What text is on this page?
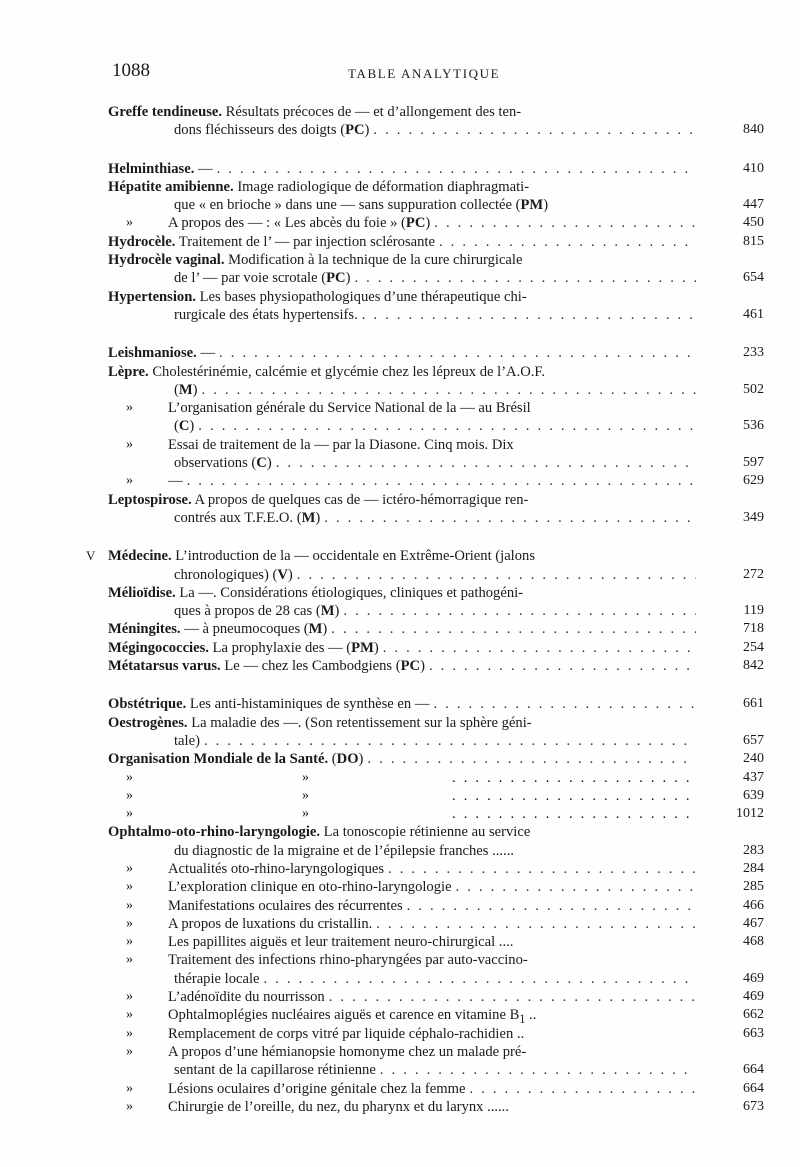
1088	TABLE ANALYTIQUE
Greffe tendineuse. Résultats précoces de — et d’allongement des ten-
dons fléchisseurs des doigts (PC) . . .	840
Helminthiase. — . . .	410
Hépatite amibienne. Image radiologique de déformation diaphragmati-
que « en brioche » dans une — sans suppuration collectée (PM)	447
» A propos des — : « Les abcès du foie » (PC) . . .	450
Hydrocèle. Traitement de l’ — par injection sclérosante . . .	815
Hydrocèle vaginal. Modification à la technique de la cure chirurgicale
de l’ — par voie scrotale (PC) . . .	654
Hypertension. Les bases physiopathologiques d’une thérapeutique chi-
rurgicale des états hypertensifs. . . .	461
Leishmaniose. — . . .	233
Lèpre. Cholestérinémie, calcémie et glycémie chez les lépreux de l’A.O.F.
(M) . . .	502
» L’organisation générale du Service National de la — au Brésil
(C) . . .	536
» Essai de traitement de la — par la Diasone. Cinq mois. Dix
observations (C) . . .	597
» — . . .	629
Leptospirose. A propos de quelques cas de — ictéro-hémorragique ren-
contrés aux T.F.E.O. (M) . . .	349
V Médecine. L’introduction de la — occidentale en Extrême-Orient (jalons
chronologiques) (V) . . .	272
Mélioïdise. La —. Considérations étiologiques, cliniques et pathogéni-
ques à propos de 28 cas (M) . . .	119
Méningites. — à pneumocoques (M) . . .	718
Mégingococcies. La prophylaxie des — (PM) . . .	254
Métatarsus varus. Le — chez les Cambodgiens (PC) . . .	842
Obstétrique. Les anti-histaminiques de synthèse en — . . .	661
Oestrogènes. La maladie des —. (Son retentissement sur la sphère géni-
tale) . . .	657
Organisation Mondiale de la Santé. (DO) . . .	240
»	» . . .	437
»	» . . .	639
»	» . . .	1012
Ophtalmo-oto-rhino-laryngologie. La tonoscopie rétinienne au service
du diagnostic de la migraine et de l’épilepsie franches ......	283
» Actualités oto-rhino-laryngologiques . . .	284
» L’exploration clinique en oto-rhino-laryngologie . . .	285
» Manifestations oculaires des récurrentes . . .	466
» A propos de luxations du cristallin. . . .	467
» Les papillites aiguës et leur traitement neuro-chirurgical ....	468
» Traitement des infections rhino-pharyngées par auto-vaccino-
thérapie locale . . .	469
» L’adénoïdite du nourrisson . . .	469
» Ophtalmoplégies nucléaires aiguës et carence en vitamine $B_1$ ..	662
» Remplacement de corps vitré par liquide céphalo-rachidien ..	663
» A propos d’une hémianopsie homonyme chez un malade pré-
sentant de la capillarose rétinienne . . .	664
» Lésions oculaires d’origine génitale chez la femme . . .	664
» Chirurgie de l’oreille, du nez, du pharynx et du larynx ......	673
